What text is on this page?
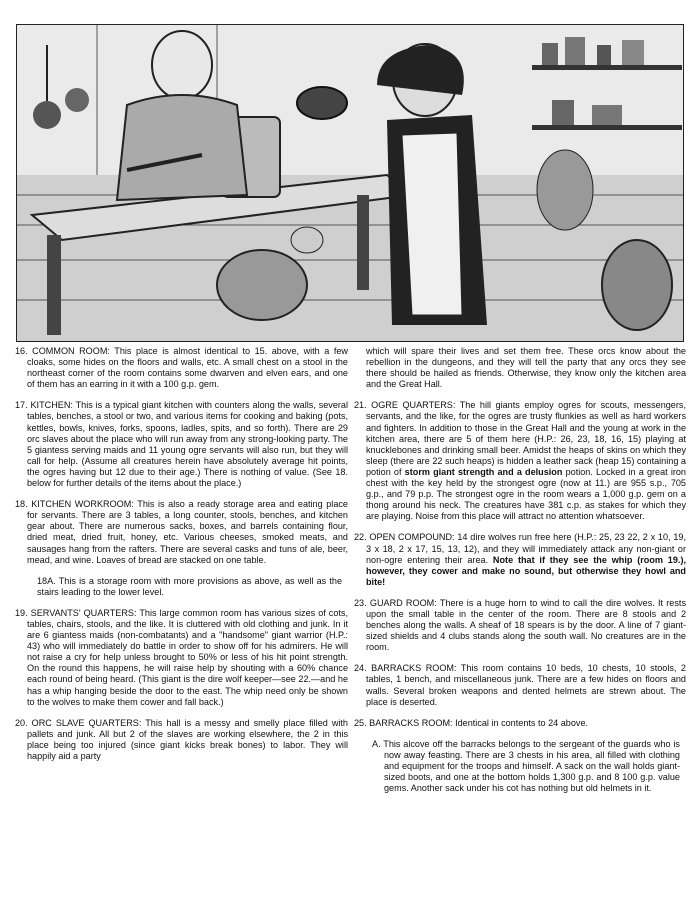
16. COMMON ROOM: This place is almost identical to 15. above, with a few cloaks, some hides on the floors and walls, etc. A small chest on a stool in the northeast corner of the room contains some dwarven and elven ears, and one of them has an earring in it with a 100 g.p. gem.
17. KITCHEN: This is a typical giant kitchen with counters along the walls, several tables, benches, a stool or two, and various items for cooking and baking (pots, kettles, bowls, knives, forks, spoons, ladles, spits, and so forth). There are 29 orc slaves about the place who will run away from any strong-looking party. The 5 giantess serving maids and 11 young ogre servants will also run, but they will call for help. (Assume all creatures herein have absolutely average hit points, the ogres having but 12 due to their age.) There is nothing of value. (See 18. below for further details of the items about the place.)
18. KITCHEN WORKROOM: This is also a ready storage area and eating place for servants. There are 3 tables, a long counter, stools, benches, and kitchen gear about. There are numerous sacks, boxes, and barrels containing flour, dried meat, dried fruit, honey, etc. Various cheeses, smoked meats, and sausages hang from the rafters. There are several casks and tuns of ale, beer, mead, and wine. Loaves of bread are stacked on one table.
18A. This is a storage room with more provisions as above, as well as the stairs leading to the lower level.
19. SERVANTS' QUARTERS: This large common room has various sizes of cots, tables, chairs, stools, and the like. It is cluttered with old clothing and junk. In it are 6 giantess maids (non-combatants) and a "handsome" giant warrior (H.P.: 43) who will immediately do battle in order to show off for his admirers. He will not raise a cry for help unless brought to 50% or less of his hit point strength. On the round this happens, he will raise help by shouting with a 60% chance each round of being heard. (This giant is the dire wolf keeper—see 22.—and he has a whip hanging beside the door to the east. The whip need only be shown to the wolves to make them cower and fall back.)
20. ORC SLAVE QUARTERS: This hall is a messy and smelly place filled with pallets and junk. All but 2 of the slaves are working elsewhere, the 2 in this place being too injured (since giant kicks break bones) to labor. They will happily aid a party
which will spare their lives and set them free. These orcs know about the rebellion in the dungeons, and they will tell the party that any orcs they see there should be hailed as friends. Otherwise, they know only the kitchen area and the Great Hall.
21. OGRE QUARTERS: The hill giants employ ogres for scouts, messengers, servants, and the like, for the ogres are trusty flunkies as well as hard workers and fighters. In addition to those in the Great Hall and the young at work in the kitchen area, there are 5 of them here (H.P.: 26, 23, 18, 16, 15) playing at knucklebones and drinking small beer. Amidst the heaps of skins on which they sleep (there are 22 such heaps) is hidden a leather sack (heap 15) containing a potion of storm giant strength and a delusion potion. Locked in a great iron chest with the key held by the strongest ogre (now at 11.) are 955 s.p., 705 g.p., and 79 p.p. The strongest ogre in the room wears a 1,000 g.p. gem on a thong around his neck. The creatures have 381 c.p. as stakes for which they are playing. Noise from this place will attract no attention whatsoever.
22. OPEN COMPOUND: 14 dire wolves run free here (H.P.: 25, 23 22, 2 x 10, 19, 3 x 18, 2 x 17, 15, 13, 12), and they will immediately attack any non-giant or non-ogre entering their area. Note that if they see the whip (room 19.), however, they cower and make no sound, but otherwise they howl and bite!
23. GUARD ROOM: There is a huge horn to wind to call the dire wolves. It rests upon the small table in the center of the room. There are 8 stools and 2 benches along the walls. A sheaf of 18 spears is by the door. A line of 7 giant-sized shields and 4 clubs stands along the south wall. No creatures are in the room.
24. BARRACKS ROOM: This room contains 10 beds, 10 chests, 10 stools, 2 tables, 1 bench, and miscellaneous junk. There are a few hides on floors and walls. Several broken weapons and dented helmets are strewn about. The place is deserted.
25. BARRACKS ROOM: Identical in contents to 24 above.
A. This alcove off the barracks belongs to the sergeant of the guards who is now away feasting. There are 3 chests in his area, all filled with clothing and equipment for the troops and himself. A sack on the wall holds giant-sized boots, and one at the bottom holds 1,300 g.p. and 8 100 g.p. value gems. Another sack under his cot has nothing but old helmets in it.
